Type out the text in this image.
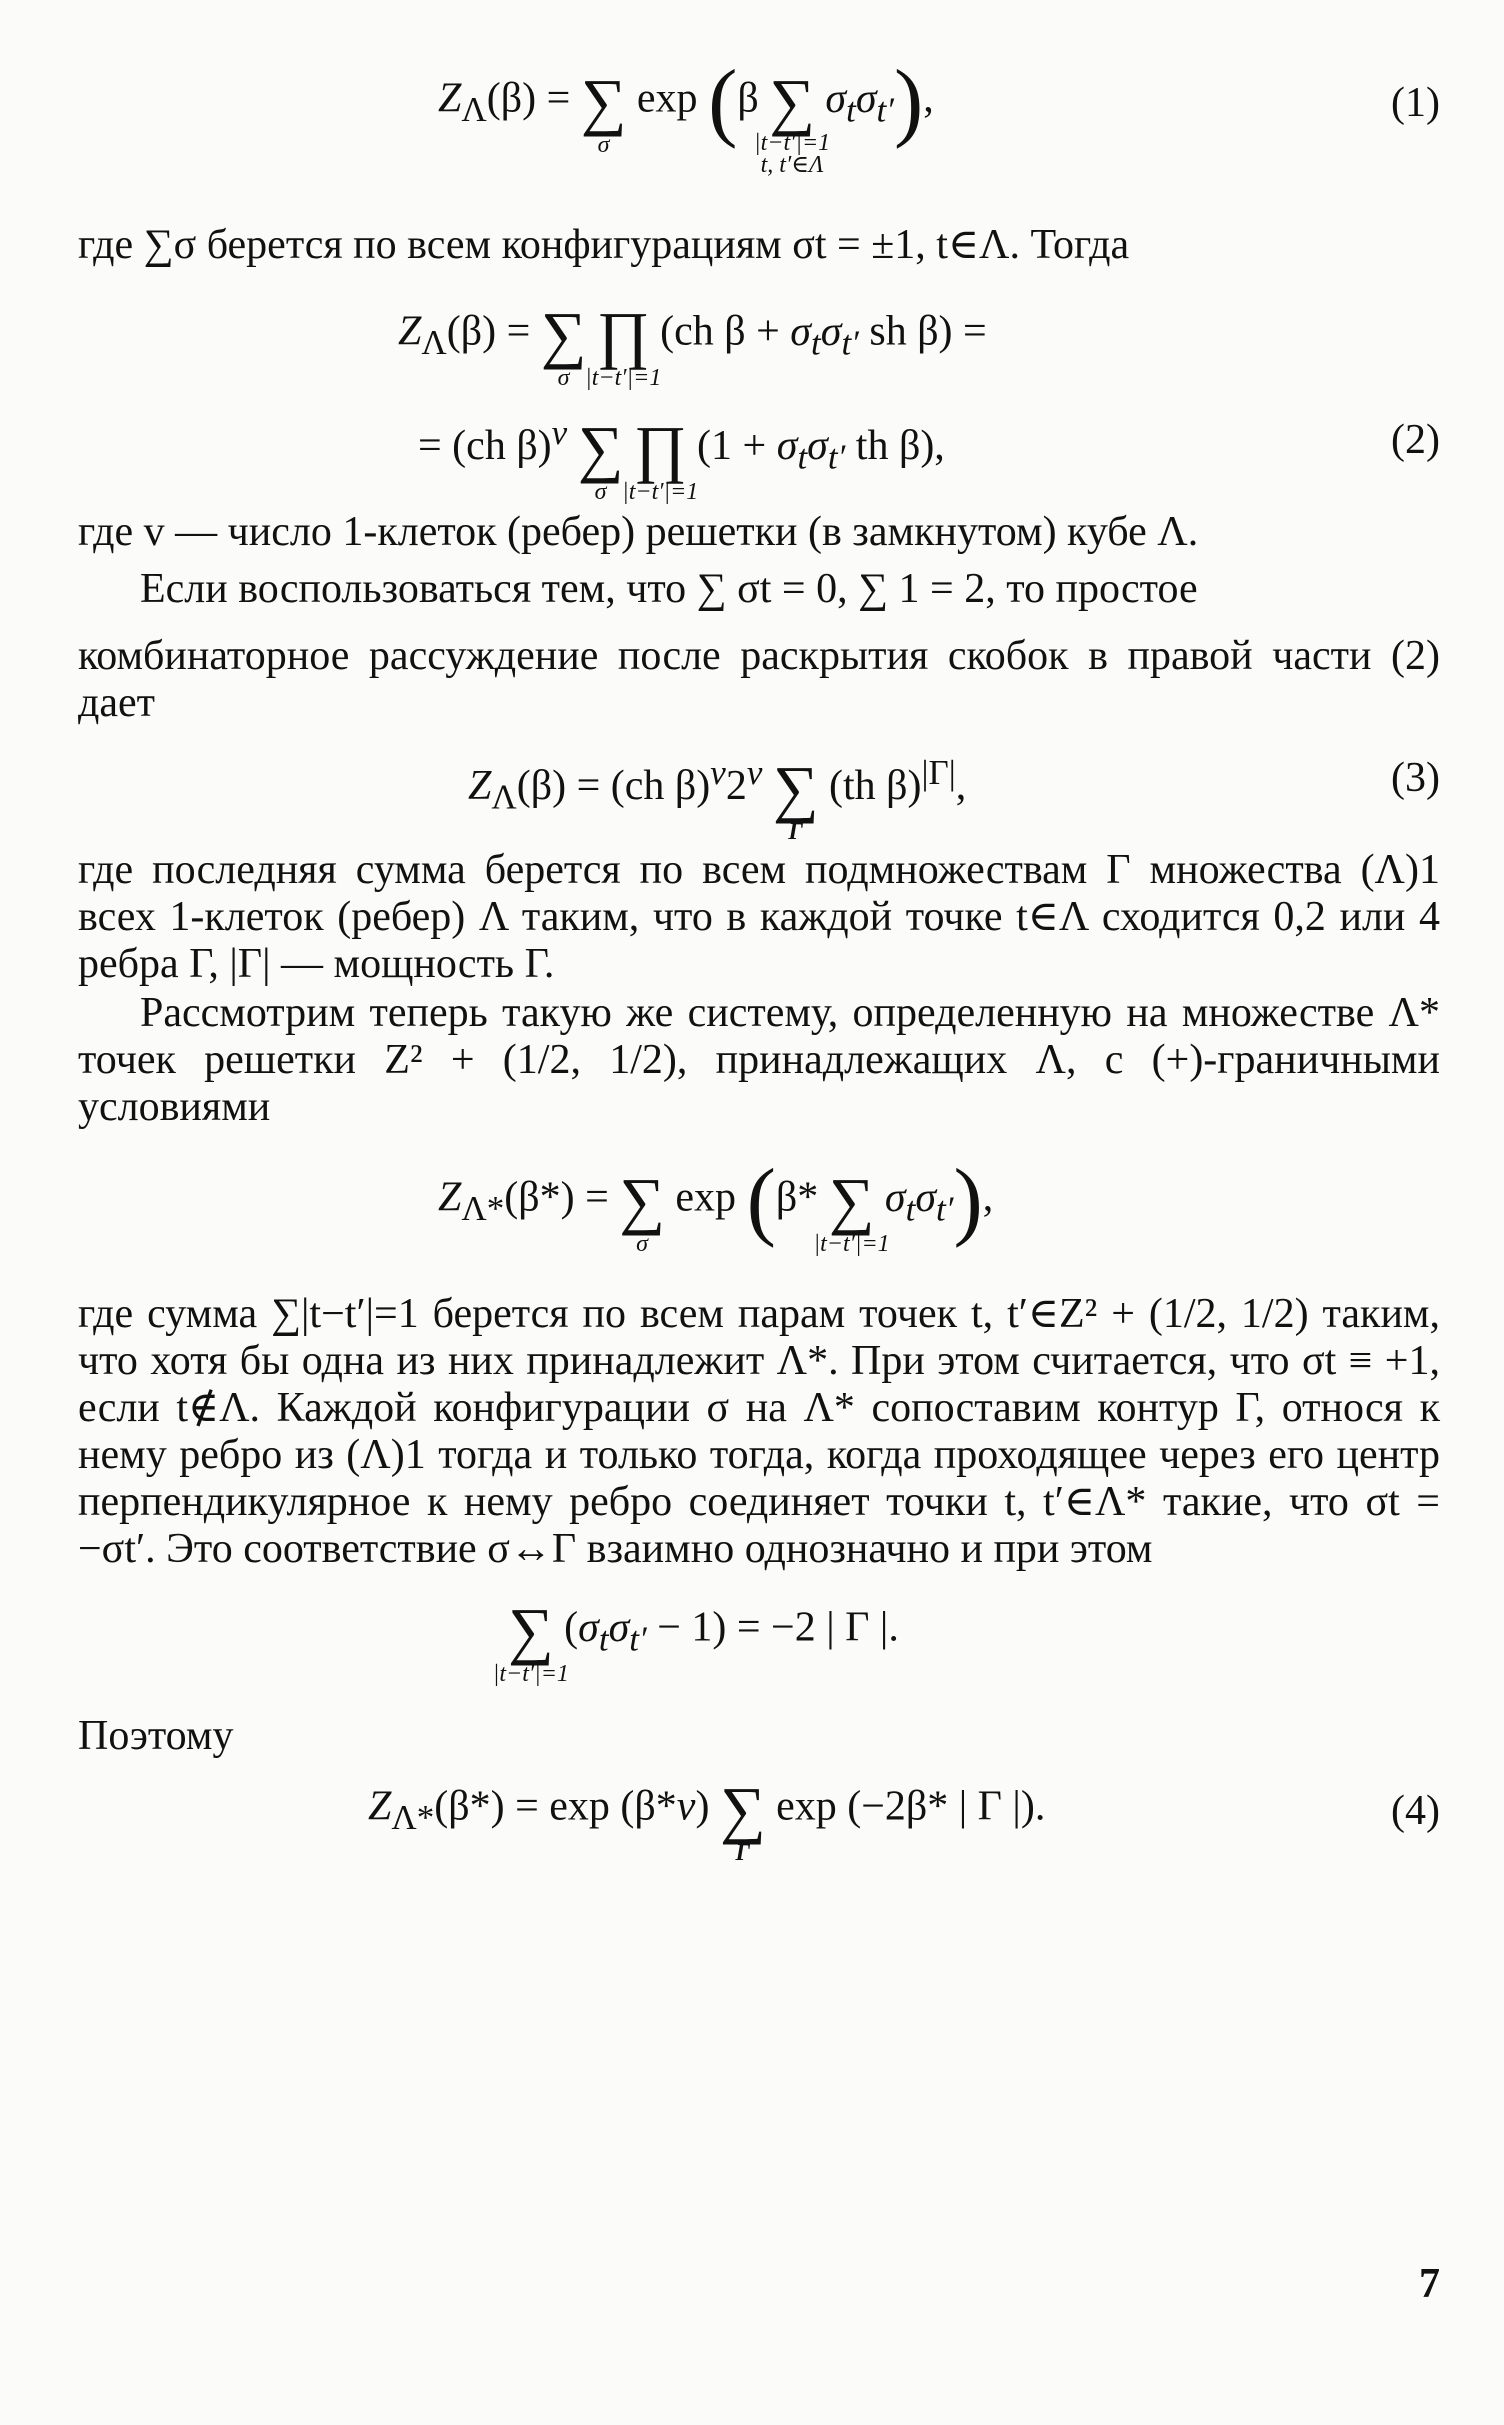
$Z_\Lambda(\beta)$ = ∑
σ
exp (β ∑
|t−t′|=1
t, t′∈Λ
$\sigma_t\sigma_{t'}$),	(1)

где ∑σ берется по всем конфигурациям σt = ±1, t∈Λ. Тогда

$Z_\Lambda(\beta)$ = ∑
σ

∏
|t−t′|=1
(ch $\beta + \sigma_t\sigma_{t'}$ sh β) =
= (ch β)$^v$ ∑
σ

∏
|t−t′|=1
($1 + \sigma_t\sigma_{t'}$ th β),	(2)

где v — число 1-клеток (ребер) решетки (в замкнутом) кубе Λ.

Если воспользоваться тем, что ∑ σt = 0, ∑ 1 = 2, то простое

комбинаторное рассуждение после раскрытия скобок в правой части (2) дает

$Z_\Lambda(\beta) = (ch$ β)$^v$2$^v$ ∑
Γ
(th β)$^{|\Gamma|}$,	(3)

где последняя сумма берется по всем подмножествам Γ множества (Λ)1 всех 1-клеток (ребер) Λ таким, что в каждой точке t∈Λ сходится 0,2 или 4 ребра Γ, |Γ| — мощность Γ.

Рассмотрим теперь такую же систему, определенную на множестве Λ* точек решетки Z² + (1/2, 1/2), принадлежащих Λ, с (+)-граничными условиями

$Z_{\Lambda*}(\beta*)$ = ∑
σ
exp (β* ∑
|t−t′|=1
$\sigma_t\sigma_{t'}$),

где сумма ∑|t−t′|=1 берется по всем парам точек t, t′∈Z² + (1/2, 1/2) таким, что хотя бы одна из них принадлежит Λ*. При этом считается, что σt ≡ +1, если t∉Λ. Каждой конфигурации σ на Λ* сопоставим контур Γ, относя к нему ребро из (Λ)1 тогда и только тогда, когда проходящее через его центр перпендикулярное к нему ребро соединяет точки t, t′∈Λ* такие, что σt = −σt′. Это соответствие σ↔Γ взаимно однозначно и при этом

∑
|t−t′|=1
$(\sigma_t\sigma_{t'} - 1) = -2$ | Γ |.

Поэтому

$Z_{\Lambda*}(\beta*) = \exp (\beta*v)$ ∑
Γ
exp (−2β* | Γ |).	(4)
7
